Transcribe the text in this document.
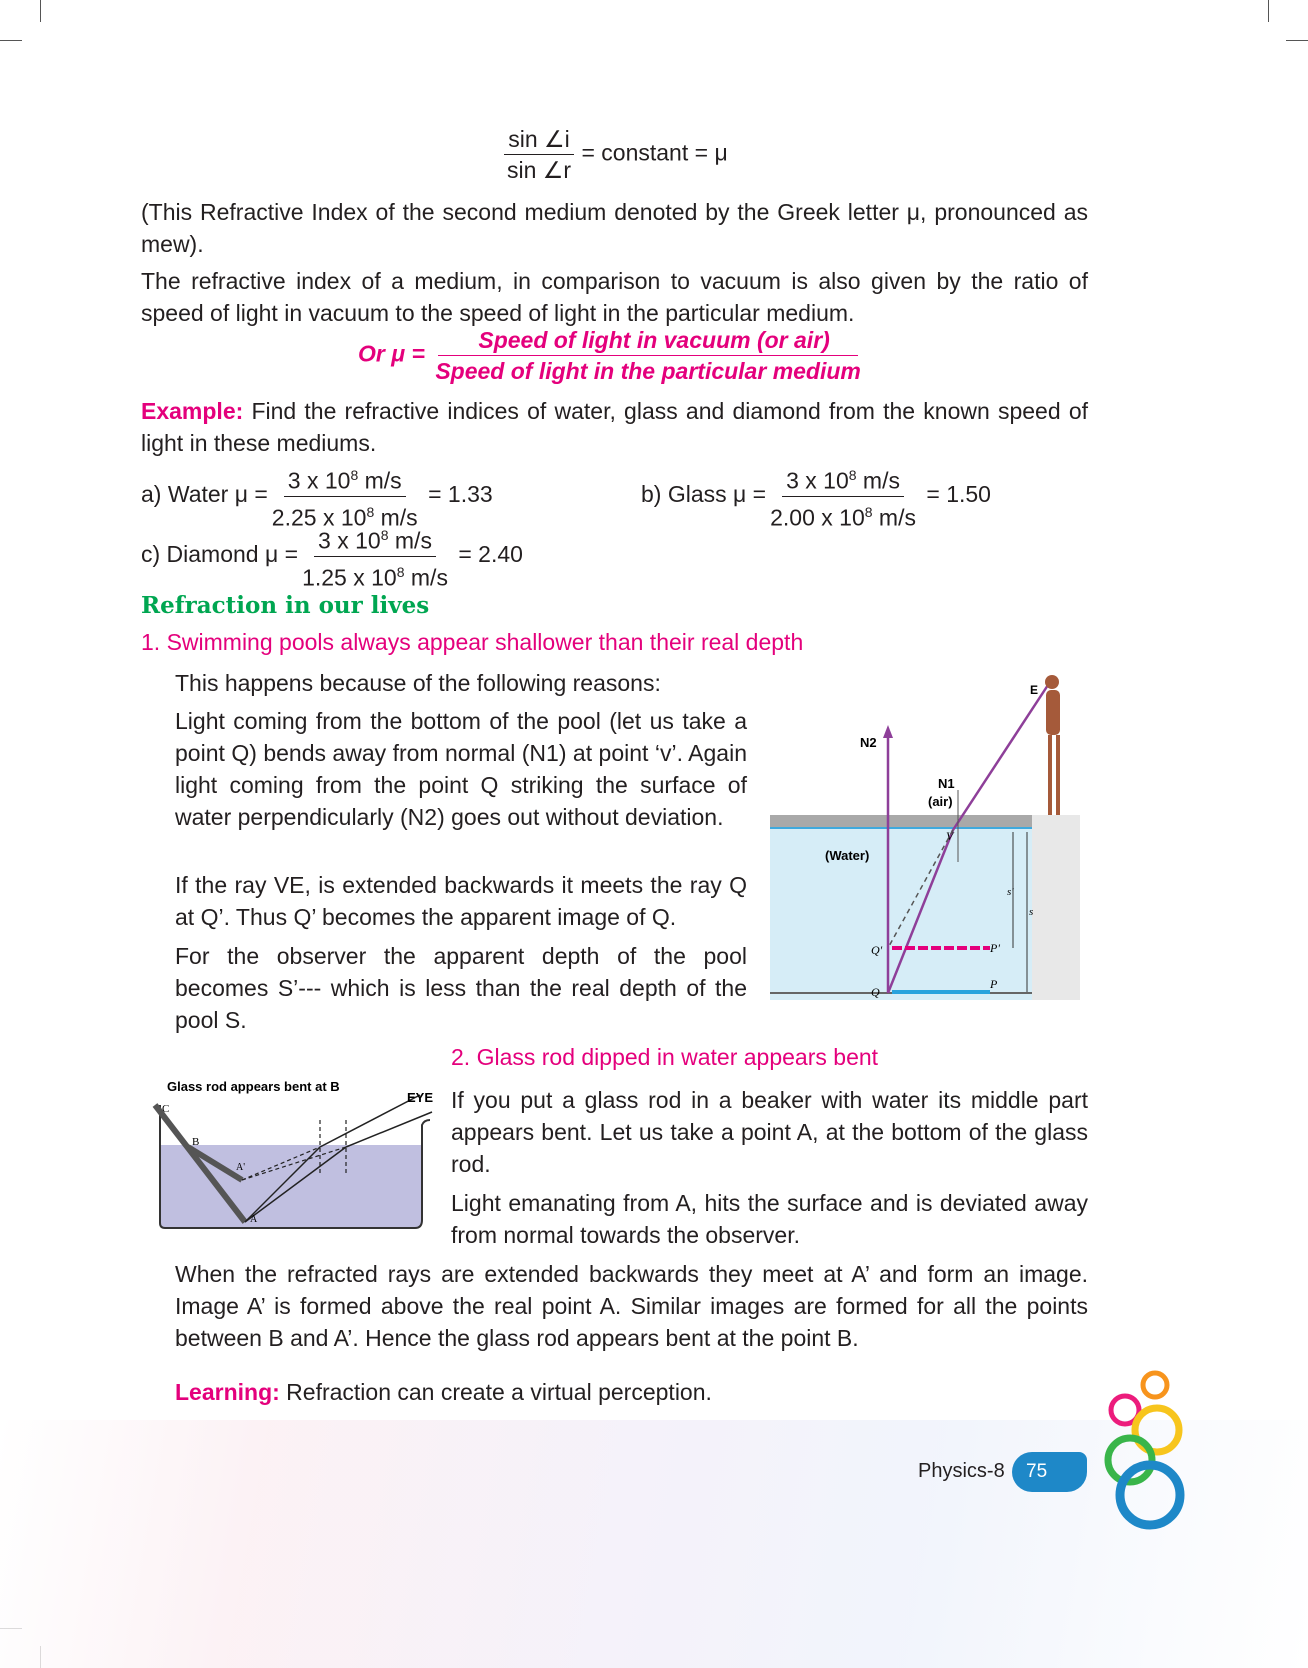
$\frac{\sin \angle i}{\sin \angle r}$ = constant = μ
(This Refractive Index of the second medium denoted by the Greek letter μ, pronounced as mew).
The refractive index of a medium, in comparison to vacuum is also given by the ratio of speed of light in vacuum to the speed of light in the particular medium.
Or $\mu = \frac{\text{Speed of light in vacuum (or air)}}{\text{Speed of light in the particular medium}}$
Example: Find the refractive indices of water, glass and diamond from the known speed of light in these mediums.
a) Water $\mu = \frac{3 x 10^8 m/s}{2.25 x 10^8 m/s} = 1.33$	b) Glass $\mu = \frac{3 x 10^8 m/s}{2.00 x 10^8 m/s} = 1.50$
c) Diamond $\mu = \frac{3 x 10^8 m/s}{1.25 x 10^8 m/s} = 2.40$
Refraction in our lives
1. Swimming pools always appear shallower than their real depth
This happens because of the following reasons:
Light coming from the bottom of the pool (let us take a point Q) bends away from normal (N1) at point ‘v’. Again light coming from the point Q striking the surface of water perpendicularly (N2) goes out without deviation.
If the ray VE, is extended backwards it meets the ray Q at Q’. Thus Q’ becomes the apparent image of Q.
For the observer the apparent depth of the pool becomes S’--- which is less than the real depth of the pool S.
E
N2
N1
(air)
(Water)
V
Q'
Q
P'
P
s'
s
Glass rod appears bent at B
EYE
C
B
A'
A
2. Glass rod dipped in water appears bent
If you put a glass rod in a beaker with water its middle part appears bent. Let us take a point A, at the bottom of the glass rod.
Light emanating from A, hits the surface and is deviated away from normal towards the observer.
When the refracted rays are extended backwards they meet at A’ and form an image. Image A’ is formed above the real point A. Similar images are formed for all the points between B and A’. Hence the glass rod appears bent at the point B.
Learning: Refraction can create a virtual perception.
Physics-8 75
